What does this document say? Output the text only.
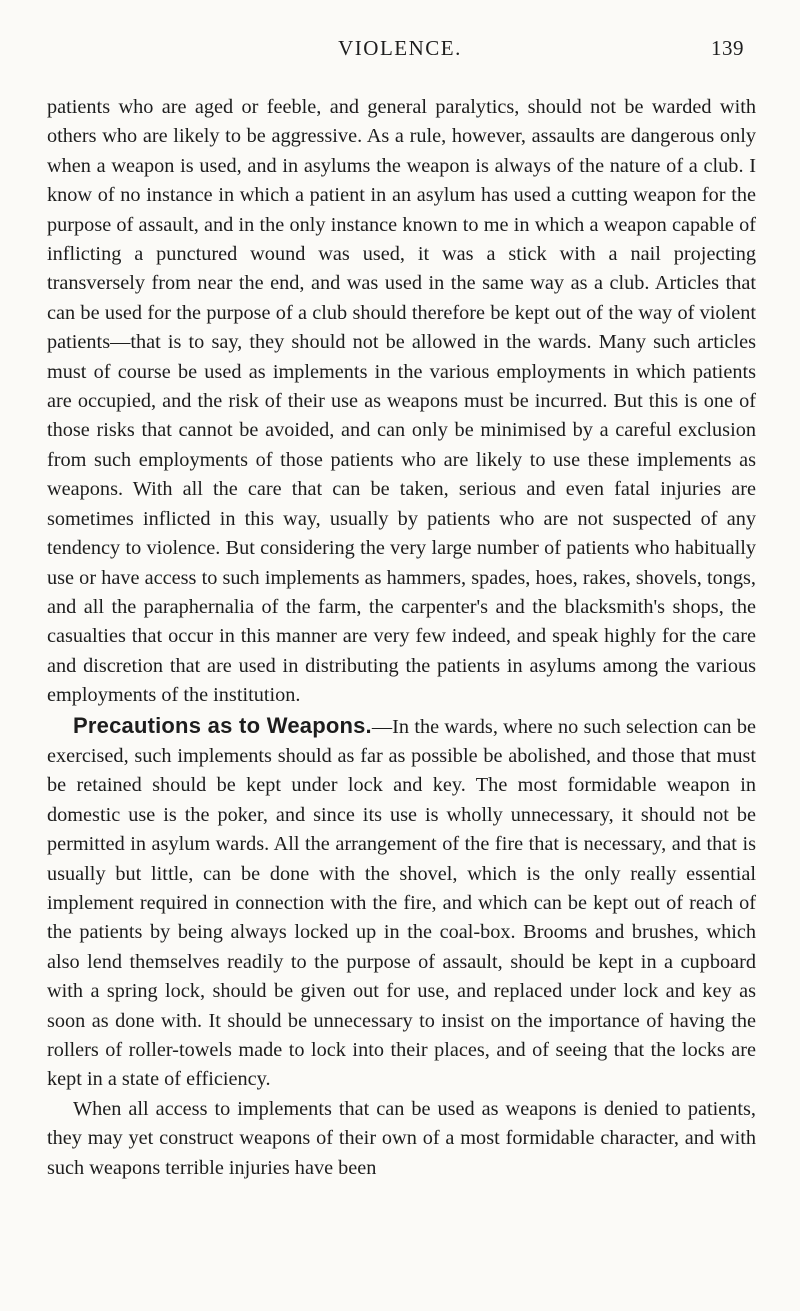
VIOLENCE.	139

patients who are aged or feeble, and general paralytics, should not be warded with others who are likely to be aggressive. As a rule, however, assaults are dangerous only when a weapon is used, and in asylums the weapon is always of the nature of a club. I know of no instance in which a patient in an asylum has used a cutting weapon for the purpose of assault, and in the only instance known to me in which a weapon capable of inflicting a punctured wound was used, it was a stick with a nail projecting transversely from near the end, and was used in the same way as a club. Articles that can be used for the purpose of a club should therefore be kept out of the way of violent patients—that is to say, they should not be allowed in the wards. Many such articles must of course be used as implements in the various employments in which patients are occupied, and the risk of their use as weapons must be incurred. But this is one of those risks that cannot be avoided, and can only be minimised by a careful exclusion from such employments of those patients who are likely to use these implements as weapons. With all the care that can be taken, serious and even fatal injuries are sometimes inflicted in this way, usually by patients who are not suspected of any tendency to violence. But considering the very large number of patients who habitually use or have access to such implements as hammers, spades, hoes, rakes, shovels, tongs, and all the paraphernalia of the farm, the carpenter's and the blacksmith's shops, the casualties that occur in this manner are very few indeed, and speak highly for the care and discretion that are used in distributing the patients in asylums among the various employments of the institution.

Precautions as to Weapons.—In the wards, where no such selection can be exercised, such implements should as far as possible be abolished, and those that must be retained should be kept under lock and key. The most formidable weapon in domestic use is the poker, and since its use is wholly unnecessary, it should not be permitted in asylum wards. All the arrangement of the fire that is necessary, and that is usually but little, can be done with the shovel, which is the only really essential implement required in connection with the fire, and which can be kept out of reach of the patients by being always locked up in the coal-box. Brooms and brushes, which also lend themselves readily to the purpose of assault, should be kept in a cupboard with a spring lock, should be given out for use, and replaced under lock and key as soon as done with. It should be unnecessary to insist on the importance of having the rollers of roller-towels made to lock into their places, and of seeing that the locks are kept in a state of efficiency.

When all access to implements that can be used as weapons is denied to patients, they may yet construct weapons of their own of a most formidable character, and with such weapons terrible injuries have been
